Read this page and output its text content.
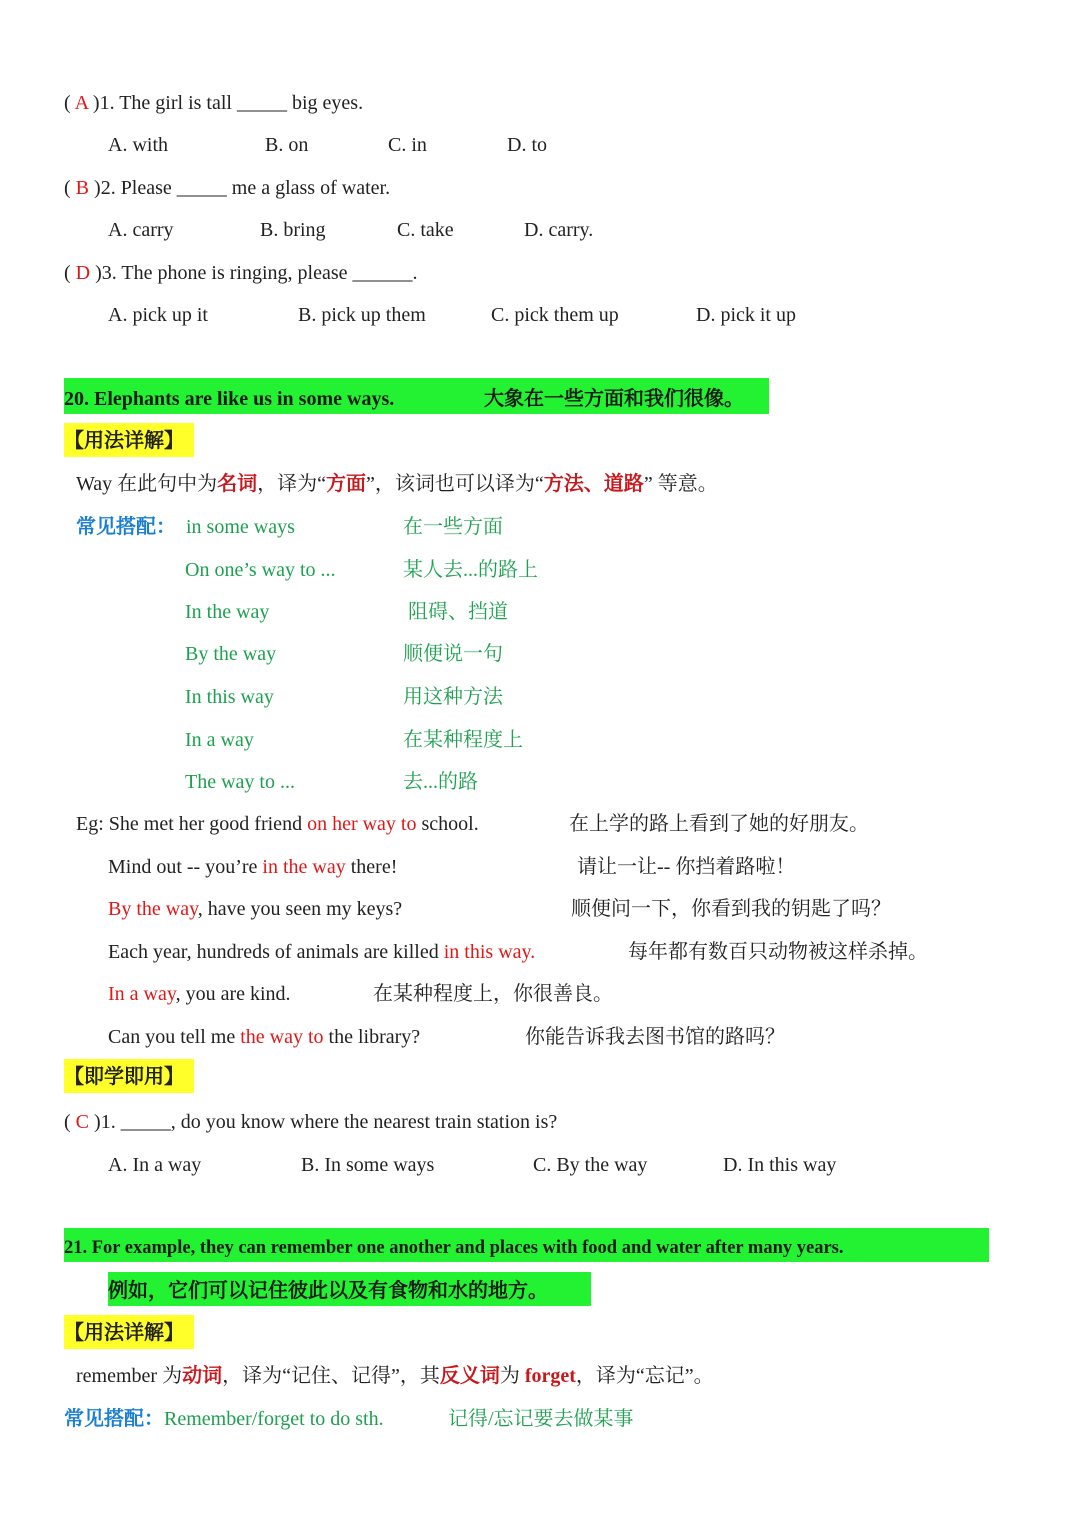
( A )1. The girl is tall _____ big eyes.
A. with	B. on	C. in	D. to
( B )2. Please _____ me a glass of water.
A. carry	B. bring	C. take	D. carry.
( D )3. The phone is ringing, please ______.
A. pick up it	B. pick up them	C. pick them up	D. pick it up
20. Elephants are like us in some ways.	大象在一些方面和我们很像。
【用法详解】
Way 在此句中为名词，译为“方面”，该词也可以译为“方法、道路” 等意。
常见搭配： in some ways	在一些方面
On one’s way to ...	某人去...的路上
In the way	阻碍、挡道
By the way	顺便说一句
In this way	用这种方法
In a way	在某种程度上
The way to ...	去...的路
Eg: She met her good friend on her way to school.	在上学的路上看到了她的好朋友。
Mind out -- you’re in the way there!	请让一让-- 你挡着路啦！
By the way, have you seen my keys?	顺便问一下，你看到我的钥匙了吗？
Each year, hundreds of animals are killed in this way.	每年都有数百只动物被这样杀掉。
In a way, you are kind.	在某种程度上，你很善良。
Can you tell me the way to the library?	你能告诉我去图书馆的路吗？
【即学即用】
( C )1. _____, do you know where the nearest train station is?
A. In a way	B. In some ways	C. By the way	D. In this way
21. For example, they can remember one another and places with food and water after many years.
例如，它们可以记住彼此以及有食物和水的地方。
【用法详解】
remember 为动词，译为“记住、记得”，其反义词为 forget，译为“忘记”。
常见搭配：Remember/forget to do sth.	记得/忘记要去做某事
